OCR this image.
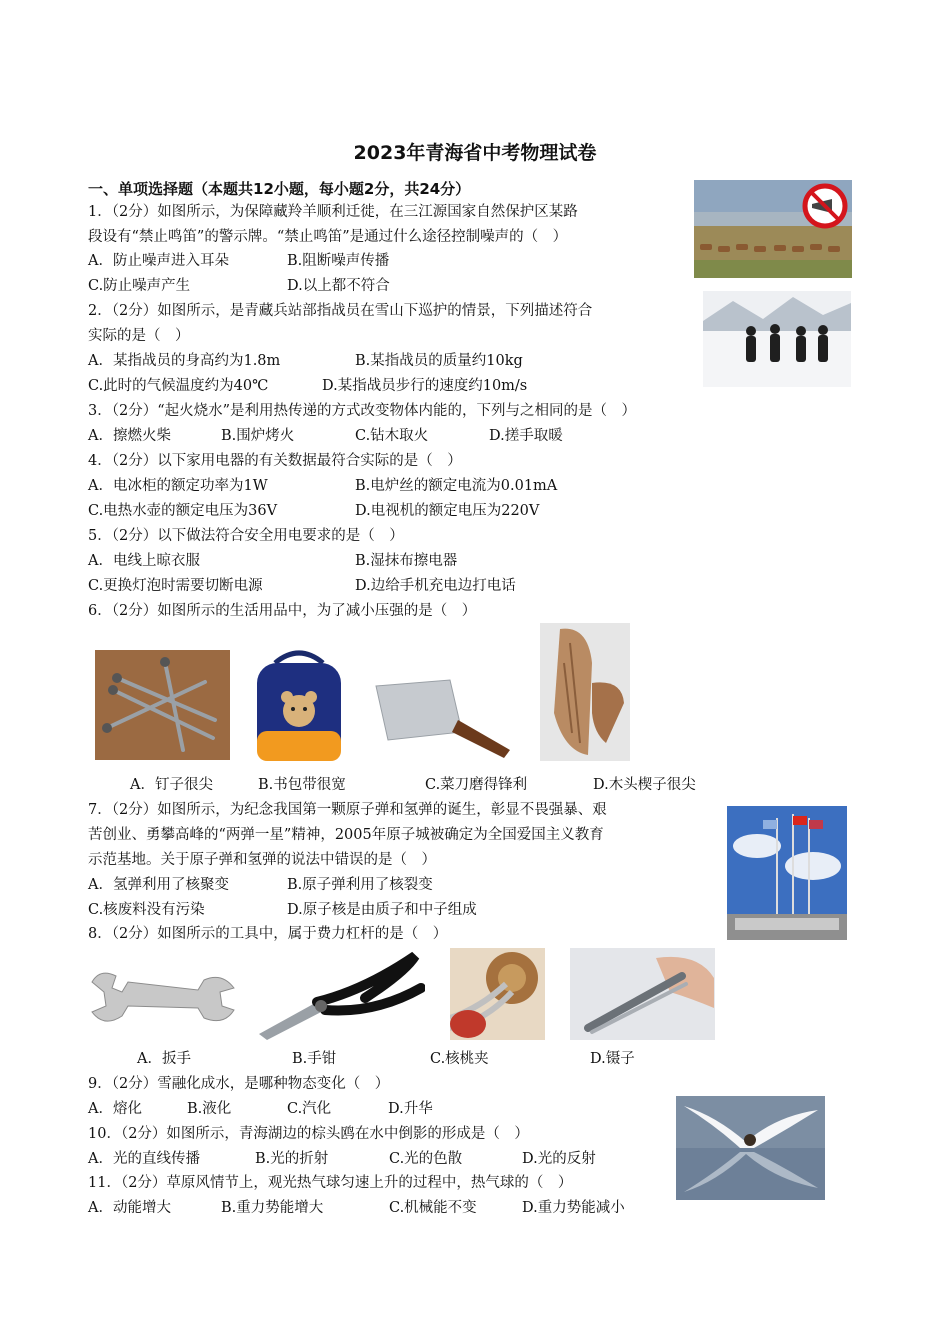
2023年青海省中考物理试卷
一、单项选择题（本题共12小题，每小题2分，共24分）
1．（2分）如图所示，为保障藏羚羊顺利迁徙，在三江源国家自然保护区某路
段设有“禁止鸣笛”的警示牌。“禁止鸣笛”是通过什么途径控制噪声的（　）
A．防止噪声进入耳朵	B.阻断噪声传播
C.防止噪声产生	D.以上都不符合
2．（2分）如图所示，是青藏兵站部指战员在雪山下巡护的情景，下列描述符合
实际的是（　）
A．某指战员的身高约为1.8m	B.某指战员的质量约10kg
C.此时的气候温度约为40℃	D.某指战员步行的速度约10m/s
3．（2分）“起火烧水”是利用热传递的方式改变物体内能的，下列与之相同的是（　）
A．擦燃火柴	B.围炉烤火	C.钻木取火	D.搓手取暖
4．（2分）以下家用电器的有关数据最符合实际的是（　）
A．电冰柜的额定功率为1W	B.电炉丝的额定电流为0.01mA
C.电热水壶的额定电压为36V	D.电视机的额定电压为220V
5．（2分）以下做法符合安全用电要求的是（　）
A．电线上晾衣服	B.湿抹布擦电器
C.更换灯泡时需要切断电源	D.边给手机充电边打电话
6．（2分）如图所示的生活用品中，为了减小压强的是（　）
A．钉子很尖	B.书包带很宽	C.菜刀磨得锋利	D.木头楔子很尖
7．（2分）如图所示，为纪念我国第一颗原子弹和氢弹的诞生，彰显不畏强暴、艰
苦创业、勇攀高峰的“两弹一星”精神，2005年原子城被确定为全国爱国主义教育
示范基地。关于原子弹和氢弹的说法中错误的是（　）
A．氢弹利用了核聚变	B.原子弹利用了核裂变
C.核废料没有污染	D.原子核是由质子和中子组成
8．（2分）如图所示的工具中，属于费力杠杆的是（　）
A．扳手	B.手钳	C.核桃夹	D.镊子
9．（2分）雪融化成水，是哪种物态变化（　）
A．熔化	B.液化	C.汽化	D.升华
10．（2分）如图所示，青海湖边的棕头鸥在水中倒影的形成是（　）
A．光的直线传播	B.光的折射	C.光的色散	D.光的反射
11．（2分）草原风情节上，观光热气球匀速上升的过程中，热气球的（　）
A．动能增大	B.重力势能增大	C.机械能不变	D.重力势能减小
